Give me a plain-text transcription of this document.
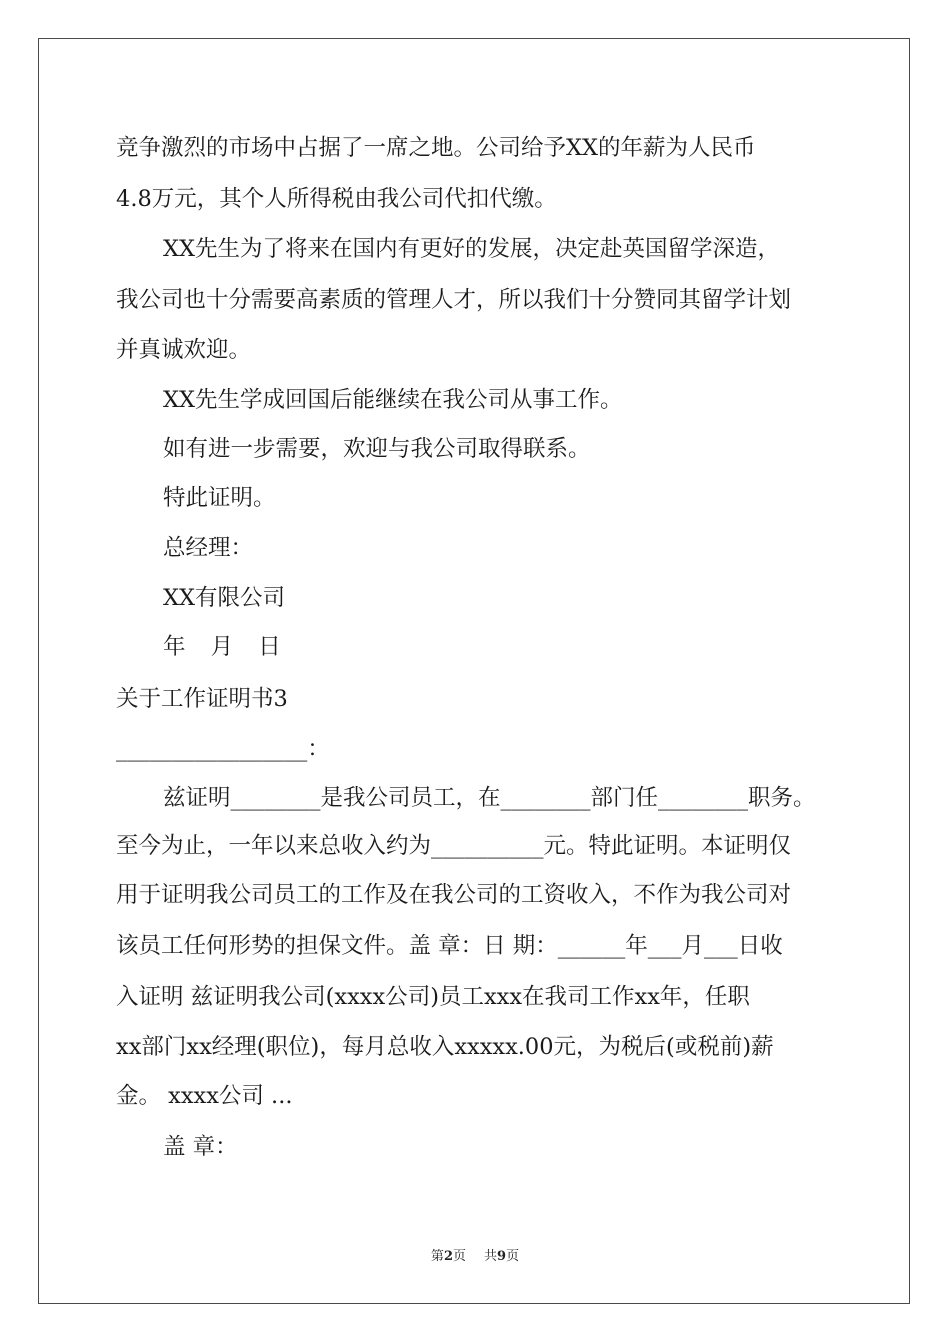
竞争激烈的市场中占据了一席之地。公司给予XX的年薪为人民币
4.8万元，其个人所得税由我公司代扣代缴。
XX先生为了将来在国内有更好的发展，决定赴英国留学深造，
我公司也十分需要高素质的管理人才，所以我们十分赞同其留学计划
并真诚欢迎。
XX先生学成回国后能继续在我公司从事工作。
如有进一步需要，欢迎与我公司取得联系。
特此证明。
总经理：
XX有限公司
年 月 日
关于工作证明书3
_________________：
兹证明________是我公司员工，在________部门任________职务。
至今为止，一年以来总收入约为__________元。特此证明。本证明仅
用于证明我公司员工的工作及在我公司的工资收入，不作为我公司对
该员工任何形势的担保文件。盖 章：日 期：______年___月___日收
入证明 兹证明我公司(xxxx公司)员工xxx在我司工作xx年，任职
xx部门xx经理(职位)，每月总收入xxxxx.00元，为税后(或税前)薪
金。 xxxx公司 ...
盖 章：
第2页 共9页
